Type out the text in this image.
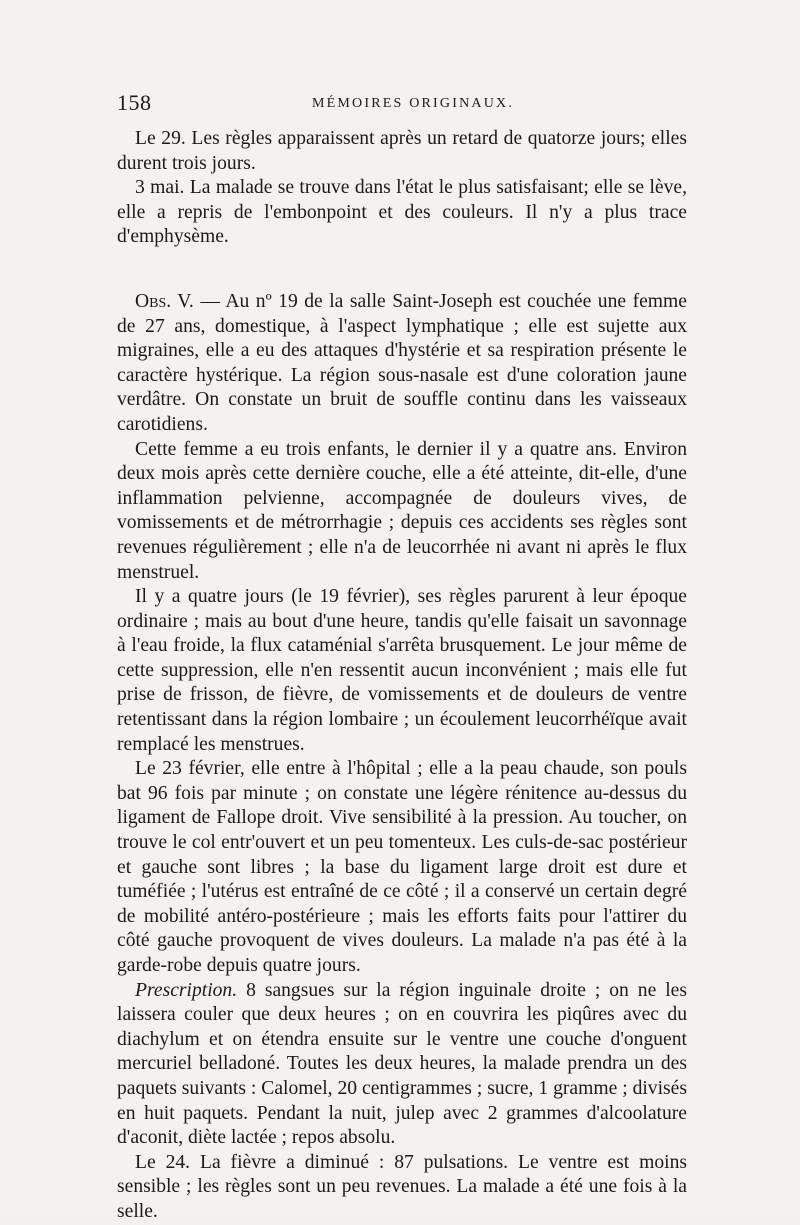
158	MÉMOIRES ORIGINAUX.

Le 29. Les règles apparaissent après un retard de quatorze jours; elles durent trois jours.

3 mai. La malade se trouve dans l'état le plus satisfaisant; elle se lève, elle a repris de l'embonpoint et des couleurs. Il n'y a plus trace d'emphysème.

Obs. V. — Au nº 19 de la salle Saint-Joseph est couchée une femme de 27 ans, domestique, à l'aspect lymphatique ; elle est sujette aux migraines, elle a eu des attaques d'hystérie et sa respiration présente le caractère hystérique. La région sous-nasale est d'une coloration jaune verdâtre. On constate un bruit de souffle continu dans les vaisseaux carotidiens.

Cette femme a eu trois enfants, le dernier il y a quatre ans. Environ deux mois après cette dernière couche, elle a été atteinte, dit-elle, d'une inflammation pelvienne, accompagnée de douleurs vives, de vomissements et de métrorrhagie ; depuis ces accidents ses règles sont revenues régulièrement ; elle n'a de leucorrhée ni avant ni après le flux menstruel.

Il y a quatre jours (le 19 février), ses règles parurent à leur époque ordinaire ; mais au bout d'une heure, tandis qu'elle faisait un savonnage à l'eau froide, la flux cataménial s'arrêta brusquement. Le jour même de cette suppression, elle n'en ressentit aucun inconvénient ; mais elle fut prise de frisson, de fièvre, de vomissements et de douleurs de ventre retentissant dans la région lombaire ; un écoulement leucorrhéïque avait remplacé les menstrues.

Le 23 février, elle entre à l'hôpital ; elle a la peau chaude, son pouls bat 96 fois par minute ; on constate une légère rénitence au-dessus du ligament de Fallope droit. Vive sensibilité à la pression. Au toucher, on trouve le col entr'ouvert et un peu tomenteux. Les culs-de-sac postérieur et gauche sont libres ; la base du ligament large droit est dure et tuméfiée ; l'utérus est entraîné de ce côté ; il a conservé un certain degré de mobilité antéro-postérieure ; mais les efforts faits pour l'attirer du côté gauche provoquent de vives douleurs. La malade n'a pas été à la garde-robe depuis quatre jours.

Prescription. 8 sangsues sur la région inguinale droite ; on ne les laissera couler que deux heures ; on en couvrira les piqûres avec du diachylum et on étendra ensuite sur le ventre une couche d'onguent mercuriel belladoné. Toutes les deux heures, la malade prendra un des paquets suivants : Calomel, 20 centigrammes ; sucre, 1 gramme ; divisés en huit paquets. Pendant la nuit, julep avec 2 grammes d'alcoolature d'aconit, diète lactée ; repos absolu.

Le 24. La fièvre a diminué : 87 pulsations. Le ventre est moins sensible ; les règles sont un peu revenues. La malade a été une fois à la selle.
